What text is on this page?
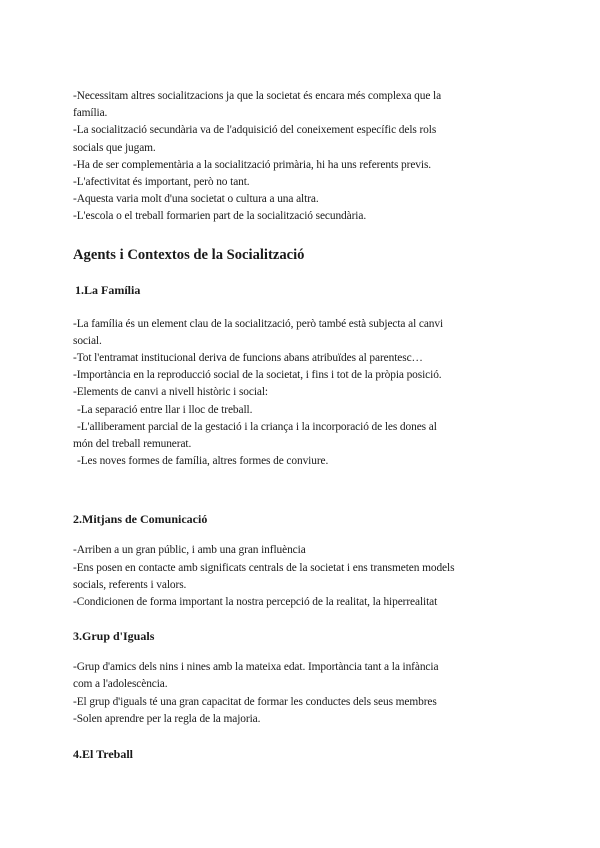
-Necessitam altres socialitzacions ja que la societat és encara més complexa que la
família.
-La socialització secundària va de l'adquisició del coneixement específic dels rols
socials que jugam.
-Ha de ser complementària a la socialització primària, hi ha uns referents previs.
-L'afectivitat és important, però no tant.
-Aquesta varia molt d'una societat o cultura a una altra.
-L'escola o el treball formarien part de la socialització secundària.
Agents i Contextos de la Socialització
1.La Família
-La família és un element clau de la socialització, però també està subjecta al canvi
social.
-Tot l'entramat institucional deriva de funcions abans atribuïdes al parentesc…
-Importància en la reproducció social de la societat, i fins i tot de la pròpia posició.
-Elements de canvi a nivell històric i social:
-La separació entre llar i lloc de treball.
-L'alliberament parcial de la gestació i la criança i la incorporació de les dones al
món del treball remunerat.
-Les noves formes de família, altres formes de conviure.
2.Mitjans de Comunicació
-Arriben a un gran públic, i amb una gran influència
-Ens posen en contacte amb significats centrals de la societat i ens transmeten models
socials, referents i valors.
-Condicionen de forma important la nostra percepció de la realitat, la hiperrealitat
3.Grup d'Iguals
-Grup d'amics dels nins i nines amb la mateixa edat. Importància tant a la infància
com a l'adolescència.
-El grup d'iguals té una gran capacitat de formar les conductes dels seus membres
-Solen aprendre per la regla de la majoria.
4.El Treball
